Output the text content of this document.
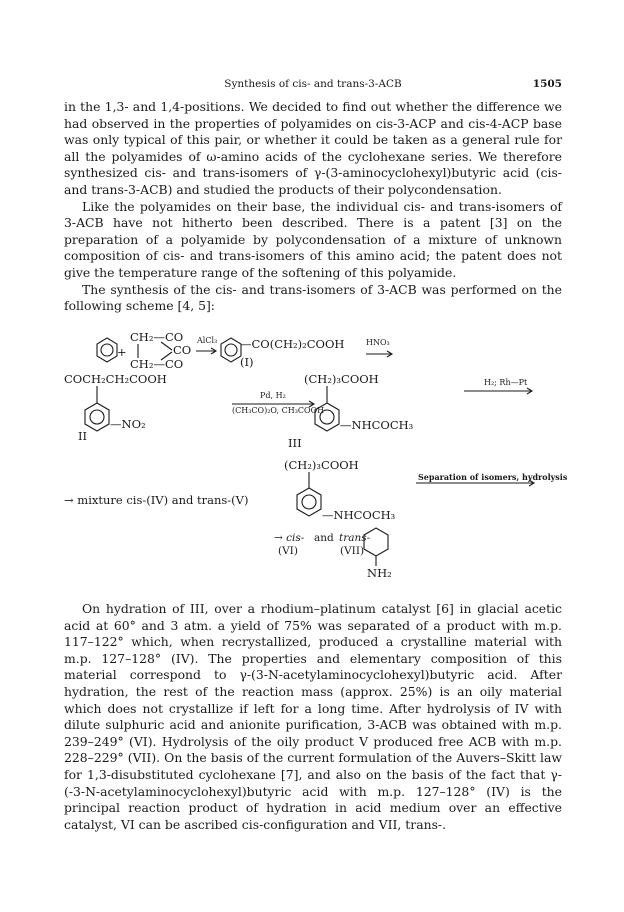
Synthesis of cis- and trans-3-ACB	1505

in the 1,3- and 1,4-positions. We decided to find out whether the difference we had observed in the properties of polyamides on cis-3-ACP and cis-4-ACP base was only typical of this pair, or whether it could be taken as a general rule for all the polyamides of ω-amino acids of the cyclohexane series. We therefore synthesized cis- and trans-isomers of γ-(3-aminocyclohexyl)butyric acid (cis- and trans-3-ACB) and studied the products of their polycondensation.

Like the polyamides on their base, the individual cis- and trans-isomers of 3-ACB have not hitherto been described. There is a patent [3] on the preparation of a polyamide by polycondensation of a mixture of unknown composition of cis- and trans-isomers of this amino acid; the patent does not give the temperature range of the softening of this polyamide.

The synthesis of the cis- and trans-isomers of 3-ACB was performed on the following scheme [4, 5]:

+
CH₂—CO
CH₂—CO
CO
AlCl₃ —CO(CH₂)₂COOH	HNO₃
(I)
COCH₂CH₂COOH
—NO₂
II
Pd, H₂
(CH₃CO)₂O, CH₃COOH
(CH₂)₃COOH
—NHCOCH₃
III
H₂; Rh—Pt
(CH₂)₃COOH
→ mixture cis-(IV) and trans-(V)
—NHCOCH₃
Separation of isomers, hydrolysis
→ cis- and trans-
(VI)	(VII)
NH₂

On hydration of III, over a rhodium–platinum catalyst [6] in glacial acetic acid at 60° and 3 atm. a yield of 75% was separated of a product with m.p. 117–122° which, when recrystallized, produced a crystalline material with m.p. 127–128° (IV). The properties and elementary composition of this material correspond to γ-(3-N-acetylaminocyclohexyl)butyric acid. After hydration, the rest of the reaction mass (approx. 25%) is an oily material which does not crystallize if left for a long time. After hydrolysis of IV with dilute sulphuric acid and anionite purification, 3-ACB was obtained with m.p. 239–249° (VI). Hydrolysis of the oily product V produced free ACB with m.p. 228–229° (VII). On the basis of the current formulation of the Auvers–Skitt law for 1,3-disubstituted cyclohexane [7], and also on the basis of the fact that γ-(-3-N-acetylaminocyclohexyl)butyric acid with m.p. 127–128° (IV) is the principal reaction product of hydration in acid medium over an effective catalyst, VI can be ascribed cis-configuration and VII, trans-.
